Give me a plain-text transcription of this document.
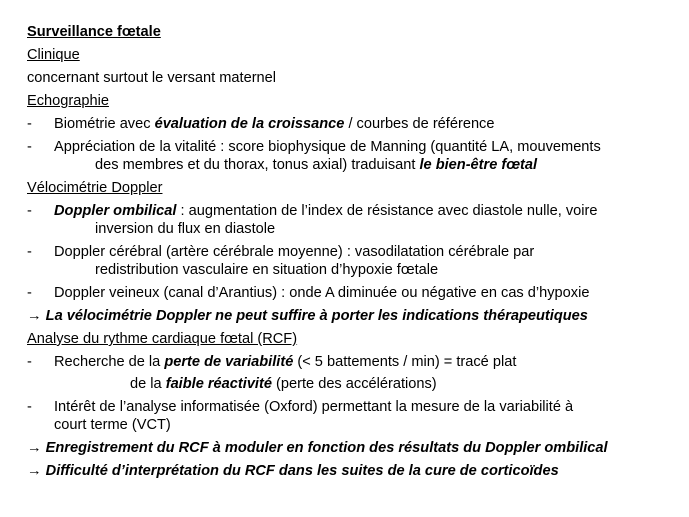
Surveillance fœtale
Clinique
concernant surtout le versant maternel
Echographie
-	Biométrie avec évaluation de la croissance / courbes de référence
-	Appréciation de la vitalité : score biophysique de Manning (quantité LA, mouvements
des membres et du thorax, tonus axial) traduisant le bien-être fœtal
Vélocimétrie Doppler
-	Doppler ombilical : augmentation de l’index de résistance avec diastole nulle, voire
inversion du flux en diastole
-	Doppler cérébral (artère cérébrale moyenne) : vasodilatation cérébrale par
redistribution vasculaire en situation d’hypoxie fœtale
-	Doppler veineux (canal d’Arantius) : onde A diminuée ou négative en cas d’hypoxie
→ La vélocimétrie Doppler ne peut suffire à porter les indications thérapeutiques
Analyse du rythme cardiaque fœtal (RCF)
-	Recherche de la perte de variabilité (< 5 battements / min) = tracé plat
de la faible réactivité (perte des accélérations)
-	Intérêt de l’analyse informatisée (Oxford) permettant la mesure de la variabilité à
court terme (VCT)
→ Enregistrement du RCF à moduler en fonction des résultats du Doppler ombilical
→ Difficulté d’interprétation du RCF dans les suites de la cure de corticoïdes
